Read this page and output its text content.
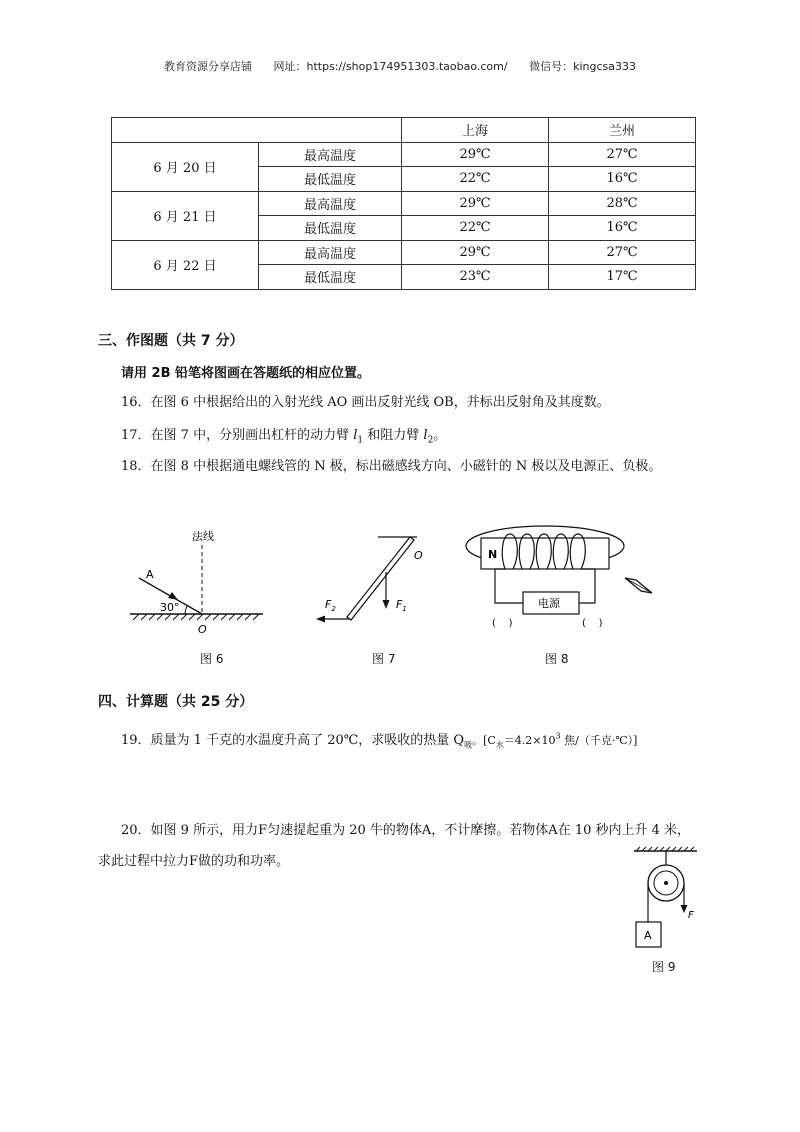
教育资源分享店铺 网址：https://shop174951303.taobao.com/ 微信号：kingcsa333
		上海	兰州
6 月 20 日	最高温度	29℃	27℃
	最低温度	22℃	16℃
6 月 21 日	最高温度	29℃	28℃
	最低温度	22℃	16℃
6 月 22 日	最高温度	29℃	27℃
	最低温度	23℃	17℃
三、作图题（共 7 分）
请用 2B 铅笔将图画在答题纸的相应位置。
16．在图 6 中根据给出的入射光线 AO 画出反射光线 OB，并标出反射角及其度数。
17．在图 7 中，分别画出杠杆的动力臂 $l_1$ 和阻力臂 $l_2$。
18．在图 8 中根据通电螺线管的 N 极，标出磁感线方向、小磁针的 N 极以及电源正、负极。
法线
A
30°
O
O
$F_1$
$F_2$
N
电源
(    )	(    )
图 6	图 7	图 8
四、计算题（共 25 分）
19．质量为 1 千克的水温度升高了 20℃，求吸收的热量 $Q_吸$。[$C_水=4.2\times 10^3$ 焦/（千克·℃）]
20．如图 9 所示，用力F匀速提起重为 20 牛的物体A，不计摩擦。若物体A在 10 秒内上升 4 米，
求此过程中拉力F做的功和功率。
A
F
图 9
